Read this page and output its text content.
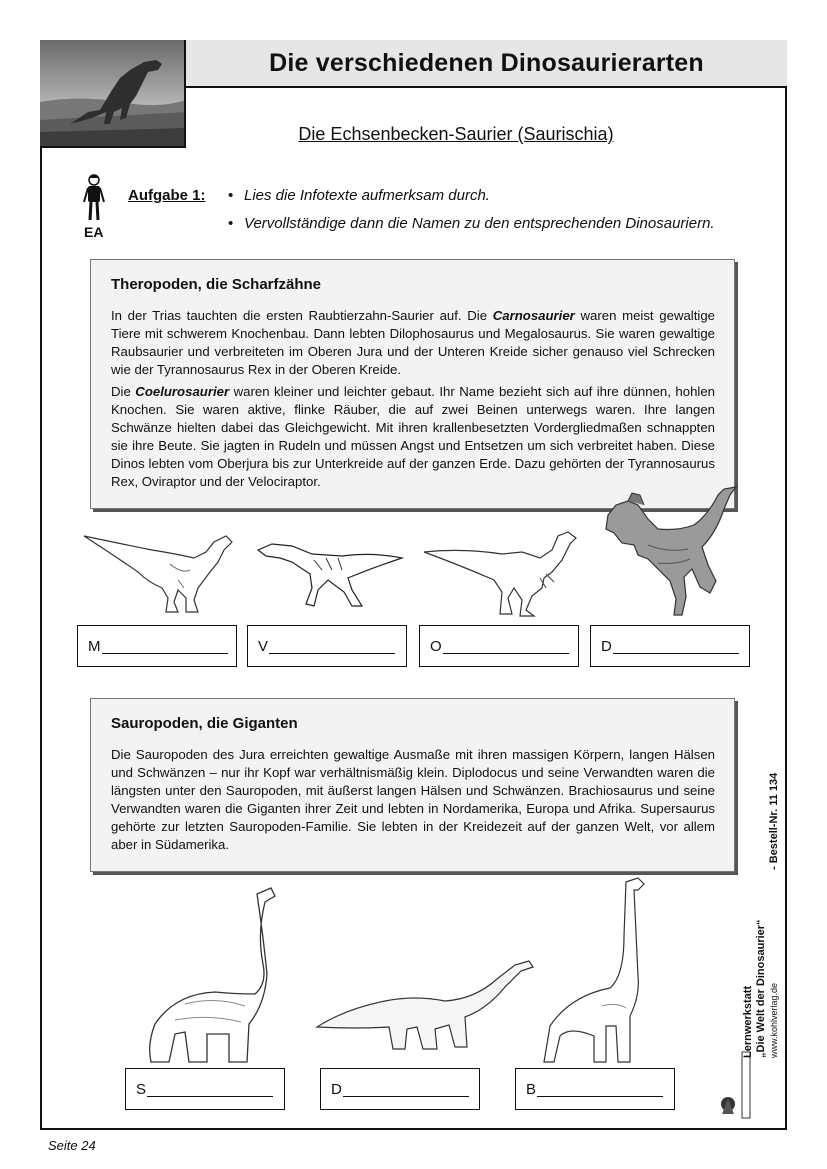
Die verschiedenen Dinosaurierarten
Die Echsenbecken-Saurier (Saurischia)
EA
Aufgabe 1:
•	Lies die Infotexte aufmerksam durch.
• Vervollständige dann die Namen zu den entsprechenden Dinosauriern.
Theropoden, die Scharfzähne

In der Trias tauchten die ersten Raubtierzahn-Saurier auf. Die Carnosaurier waren meist gewaltige Tiere mit schwerem Knochenbau. Dann lebten Dilophosaurus und Megalosaurus. Sie waren gewaltige Raubsaurier und verbreiteten im Oberen Jura und der Unteren Kreide sicher genauso viel Schrecken wie der Tyrannosaurus Rex in der Oberen Kreide.

Die Coelurosaurier waren kleiner und leichter gebaut. Ihr Name bezieht sich auf ihre dünnen, hohlen Knochen. Sie waren aktive, flinke Räuber, die auf zwei Beinen unterwegs waren. Ihre langen Schwänze hielten dabei das Gleichgewicht. Mit ihren krallenbesetzten Vordergliedmaßen schnappten sie ihre Beute. Sie jagten in Rudeln und müssen Angst und Entsetzen um sich verbreitet haben. Diese Dinos lebten vom Oberjura bis zur Unterkreide auf der ganzen Erde. Dazu gehörten der Tyrannosaurus Rex, Oviraptor und der Velociraptor.

M	V	O	D
Sauropoden, die Giganten

Die Sauropoden des Jura erreichten gewaltige Ausmaße mit ihren massigen Körpern, langen Hälsen und Schwänzen – nur ihr Kopf war verhältnismäßig klein. Diplodocus und seine Verwandten waren die längsten unter den Sauropoden, mit äußerst langen Hälsen und Schwänzen. Brachiosaurus und seine Verwandten waren die Giganten ihrer Zeit und lebten in Nordamerika, Europa und Afrika. Supersaurus gehörte zur letzten Sauropoden-Familie. Sie lebten in der Kreidezeit auf der ganzen Welt, vor allem aber in Südamerika.

S	D	B
- Bestell-Nr. 11 134
Lernwerkstatt „Die Welt der Dinosaurier“ www.kohlverlag.de
Seite 24
